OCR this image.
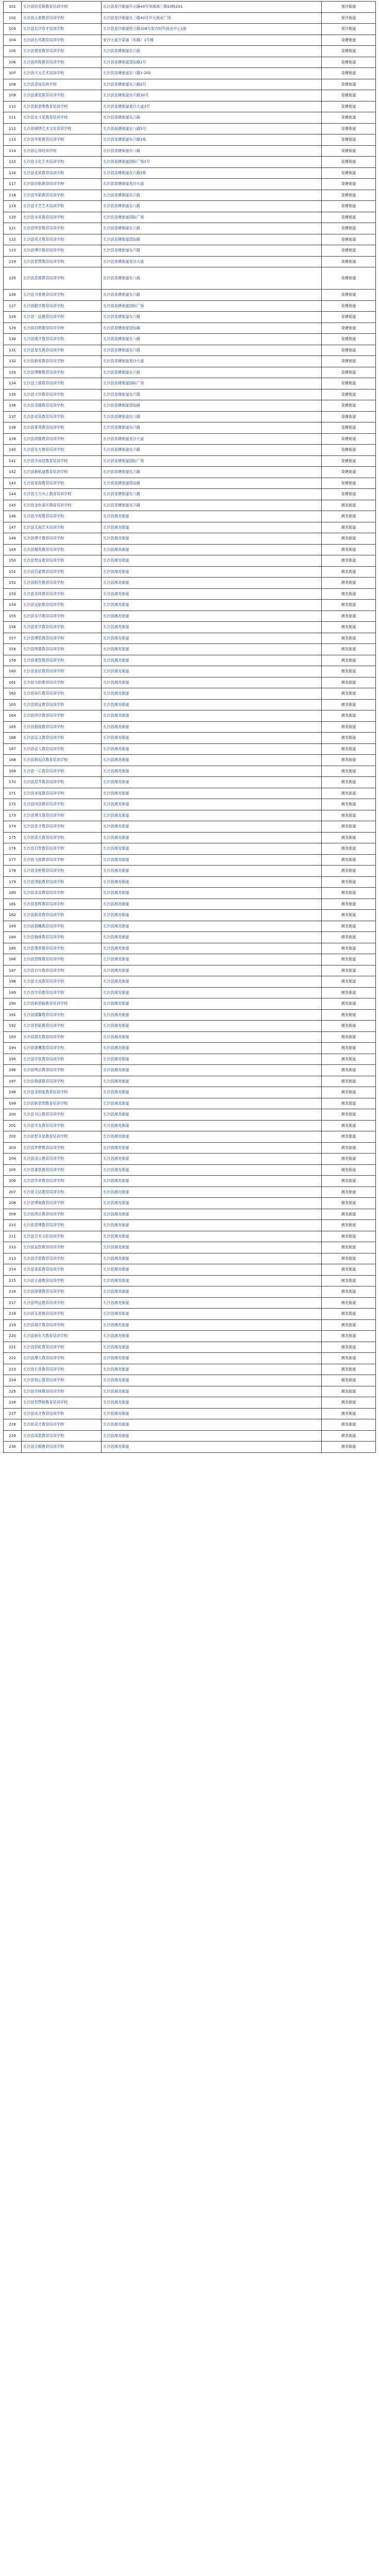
101	长沙县钦克斯教育培训学校	长沙县星沙街道开元路40号凤凰城三期10栋201	星沙街道
102	长沙县大象教育培训学校	长沙县星沙街道东三路40号开元商业广场	星沙街道
103	长沙县长沙育才培训学校	长沙县星沙街道特立路208号星沙时代商业中心1栋	星沙街道
104	长沙县长风教育培训学校	星沙大道万家丽（东路）1号楼	泉塘街道
105	长沙县德星教育培训学校	长沙县泉塘街道东六路	泉塘街道
106	长沙县欣程教育培训学校	长沙县泉塘街道望仙路1号	泉塘街道
107	长沙县天元艺术培训学校	长沙县泉塘街道东八路1-201	泉塘街道
108	长沙县思成培训学校	长沙县泉塘街道东六路2号	泉塘街道
109	长沙县惠星教育培训学校	长沙县泉塘街道东六路30号	泉塘街道
110	长沙县新思维教育培训学校	长沙县泉塘街道星沙大道2号	泉塘街道
111	长沙县北斗星教育培训学校	长沙县泉塘街道东六路	泉塘街道
112	长沙县锦绣艺术文化培训学校	长沙县泉塘街道东八路5号	泉塘街道
113	长沙县华夏教育培训学校	长沙县泉塘街道东六路1栋	泉塘街道
114	长沙县心得培训学校	长沙县泉塘街道东八路	泉塘街道
115	长沙县文化艺术培训学校	长沙县泉塘街道国际广场1号	泉塘街道
116	长沙县优质教育培训学校	长沙县泉塘街道东六路2栋	泉塘街道
117	长沙县启航教育培训学校	长沙县泉塘街道星沙大道	泉塘街道
118	长沙县华新教育培训学校	长沙县泉塘街道东六路	泉塘街道
119	长沙县才艺艺术培训学校	长沙县泉塘街道东八路	泉塘街道
120	长沙县未来教育培训学校	长沙县泉塘街道国际广场	泉塘街道
121	长沙县明星教育培训学校	长沙县泉塘街道东六路	泉塘街道
122	长沙县英才教育培训学校	长沙县泉塘街道望仙路	泉塘街道
123	长沙县博学教育培训学校	长沙县泉塘街道东六路	泉塘街道
124	长沙县智慧教育培训学校	长沙县泉塘街道星沙大道	泉塘街道
125	长沙县思源教育培训学校	长沙县泉塘街道东八路	泉塘街道
126	长沙县书香教育培训学校	长沙县泉塘街道东六路	泉塘街道
127	长沙县勤学教育培训学校	长沙县泉塘街道国际广场	泉塘街道
128	长沙县一品教育培训学校	长沙县泉塘街道东六路	泉塘街道
129	长沙县启明教育培训学校	长沙县泉塘街道望仙路	泉塘街道
130	长沙县德才教育培训学校	长沙县泉塘街道东八路	泉塘街道
131	长沙县星光教育培训学校	长沙县泉塘街道东六路	泉塘街道
132	长沙县新星教育培训学校	长沙县泉塘街道星沙大道	泉塘街道
133	长沙县博雅教育培训学校	长沙县泉塘街道东六路	泉塘街道
134	长沙县立德教育培训学校	长沙县泉塘街道国际广场	泉塘街道
135	长沙县文华教育培训学校	长沙县泉塘街道东六路	泉塘街道
136	长沙县卓越教育培训学校	长沙县泉塘街道望仙路	泉塘街道
137	长沙县育英教育培训学校	长沙县泉塘街道东八路	泉塘街道
138	长沙县菁英教育培训学校	长沙县泉塘街道东六路	泉塘街道
139	长沙县鸿儒教育培训学校	长沙县泉塘街道星沙大道	泉塘街道
140	长沙县东方教育培训学校	长沙县泉塘街道东六路	泉塘街道
141	长沙县学而思教育培训学校	长沙县泉塘街道国际广场	泉塘街道
142	长沙县新航道教育培训学校	长沙县泉塘街道东六路	泉塘街道
143	长沙县星海教育培训学校	长沙县泉塘街道望仙路	泉塘街道
144	长沙县天天向上教育培训学校	长沙县泉塘街道东八路	泉塘街道
145	长沙县金色童年教育培训学校	长沙县泉塘街道东六路	湘龙街道
146	长沙县学海教育培训学校	长沙县湘龙街道	湘龙街道
147	长沙县艺海艺术培训学校	长沙县湘龙街道	湘龙街道
148	长沙县博才教育培训学校	长沙县湘龙街道	湘龙街道
149	长沙县精英教育培训学校	长沙县湘龙街道	湘龙街道
150	长沙县智远教育培训学校	长沙县湘龙街道	湘龙街道
151	长沙县启蒙教育培训学校	长沙县湘龙街道	湘龙街道
152	长沙县阳光教育培训学校	长沙县湘龙街道	湘龙街道
153	长沙县名师教育培训学校	长沙县湘龙街道	湘龙街道
154	长沙县远航教育培训学校	长沙县湘龙街道	湘龙街道
155	长沙县乐学教育培训学校	长沙县湘龙街道	湘龙街道
156	长沙县优学教育培训学校	长沙县湘龙街道	湘龙街道
157	长沙县博思教育培训学校	长沙县湘龙街道	湘龙街道
158	长沙县明德教育培训学校	长沙县湘龙街道	湘龙街道
159	长沙县睿智教育培训学校	长沙县湘龙街道	湘龙街道
160	长沙县星辰教育培训学校	长沙县湘龙街道	湘龙街道
161	长沙县文韵教育培训学校	长沙县湘龙街道	湘龙街道
162	长沙县知行教育培训学校	长沙县湘龙街道	湘龙街道
163	长沙县致远教育培训学校	长沙县湘龙街道	湘龙街道
164	长沙县尚学教育培训学校	长沙县湘龙街道	湘龙街道
165	长沙县格致教育培训学校	长沙县湘龙街道	湘龙街道
166	长沙县弘文教育培训学校	长沙县湘龙街道	湘龙街道
167	长沙县达人教育培训学校	长沙县湘龙街道	湘龙街道
168	长沙县新起点教育培训学校	长沙县湘龙街道	湘龙街道
169	长沙县一心教育培训学校	长沙县湘龙街道	湘龙街道
170	长沙县思齐教育培训学校	长沙县湘龙街道	湘龙街道
171	长沙县求是教育培训学校	长沙县湘龙街道	湘龙街道
172	长沙县同创教育培训学校	长沙县湘龙街道	湘龙街道
173	长沙县博文教育培训学校	长沙县湘龙街道	湘龙街道
174	长沙县优才教育培训学校	长沙县湘龙街道	湘龙街道
175	长沙县蓝天教育培训学校	长沙县湘龙街道	湘龙街道
176	长沙县启智教育培训学校	长沙县湘龙街道	湘龙街道
177	长沙县飞扬教育培训学校	长沙县湘龙街道	湘龙街道
178	长沙县金桥教育培训学校	长沙县湘龙街道	湘龙街道
179	长沙县领航教育培训学校	长沙县湘龙街道	湘龙街道
180	长沙县青苗教育培训学校	长沙县湘龙街道	湘龙街道
181	长沙县春晖教育培训学校	长沙县湘龙街道	湘龙街道
182	长沙县新苗教育培训学校	长沙县湘龙街道	湘龙街道
183	长沙县晨曦教育培训学校	长沙县湘龙街道	湘龙街道
184	长沙县翰林教育培训学校	长沙县湘龙街道	湘龙街道
185	长沙县墨香教育培训学校	长沙县湘龙街道	湘龙街道
186	长沙县思维教育培训学校	长沙县湘龙街道	湘龙街道
187	长沙县百川教育培训学校	长沙县湘龙街道	湘龙街道
188	长沙县天成教育培训学校	长沙县湘龙街道	湘龙街道
189	长沙县学府教育培训学校	长沙县湘龙街道	湘龙街道
190	长沙县新思路教育培训学校	长沙县湘龙街道	湘龙街道
191	长沙县德馨教育培训学校	长沙县湘龙街道	湘龙街道
192	长沙县智航教育培训学校	长沙县湘龙街道	湘龙街道
193	长沙县晨光教育培训学校	长沙县湘龙街道	湘龙街道
194	长沙县雏鹰教育培训学校	长沙县湘龙街道	湘龙街道
195	长沙县学优教育培训学校	长沙县湘龙街道	湘龙街道
196	长沙县明志教育培训学校	长沙县湘龙街道	湘龙街道
197	长沙县鼎盛教育培训学校	长沙县湘龙街道	湘龙街道
198	长沙县金钥匙教育培训学校	长沙县湘龙街道	湘龙街道
199	长沙县新思想教育培训学校	长沙县湘龙街道	湘龙街道
200	长沙县书山教育培训学校	长沙县湘龙街道	湘龙街道
201	长沙县学友教育培训学校	长沙县湘龙街道	湘龙街道
202	长沙县智多星教育培训学校	长沙县湘龙街道	湘龙街道
203	长沙县梦想教育培训学校	长沙县湘龙街道	湘龙街道
204	长沙县凌云教育培训学校	长沙县湘龙街道	湘龙街道
205	长沙县睿思教育培训学校	长沙县湘龙街道	湘龙街道
206	长沙县华章教育培训学校	长沙县湘龙街道	湘龙街道
207	长沙县文达教育培训学校	长沙县湘龙街道	湘龙街道
208	长沙县博瑞教育培训学校	长沙县湘龙街道	湘龙街道
209	长沙县鸿志教育培训学校	长沙县湘龙街道	湘龙街道
210	长沙县思博教育培训学校	长沙县湘龙街道	湘龙街道
211	长沙县艺术文化培训学校	长沙县湘龙街道	湘龙街道
212	长沙县益智教育培训学校	长沙县湘龙街道	湘龙街道
213	长沙县学思教育培训学校	长沙县湘龙街道	湘龙街道
214	长沙县青蓝教育培训学校	长沙县湘龙街道	湘龙街道
215	长沙县正道教育培训学校	长沙县湘龙街道	湘龙街道
216	长沙县厚德教育培训学校	长沙县湘龙街道	湘龙街道
217	长沙县明远教育培训学校	长沙县湘龙街道	湘龙街道
218	长沙县乐思教育培训学校	长沙县湘龙街道	湘龙街道
219	长沙县翔宇教育培训学校	长沙县湘龙街道	湘龙街道
220	长沙县新东方教育培训学校	长沙县湘龙街道	湘龙街道
221	长沙县彩虹教育培训学校	长沙县湘龙街道	湘龙街道
222	长沙县博大教育培训学校	长沙县湘龙街道	湘龙街道
223	长沙县长青教育培训学校	长沙县湘龙街道	湘龙街道
224	长沙县恒心教育培训学校	长沙县湘龙街道	湘龙街道
225	长沙县学林教育培训学校	长沙县湘龙街道	湘龙街道
226	长沙县智慧树教育培训学校	长沙县湘龙街道	湘龙街道
227	长沙县成才教育培训学校	长沙县湘龙街道	湘龙街道
228	长沙县竞才教育培训学校	长沙县湘龙街道	湘龙街道
229	长沙县高思教育培训学校	长沙县湘龙街道	湘龙街道
230	长沙县天赋教育培训学校	长沙县湘龙街道	湘龙街道
